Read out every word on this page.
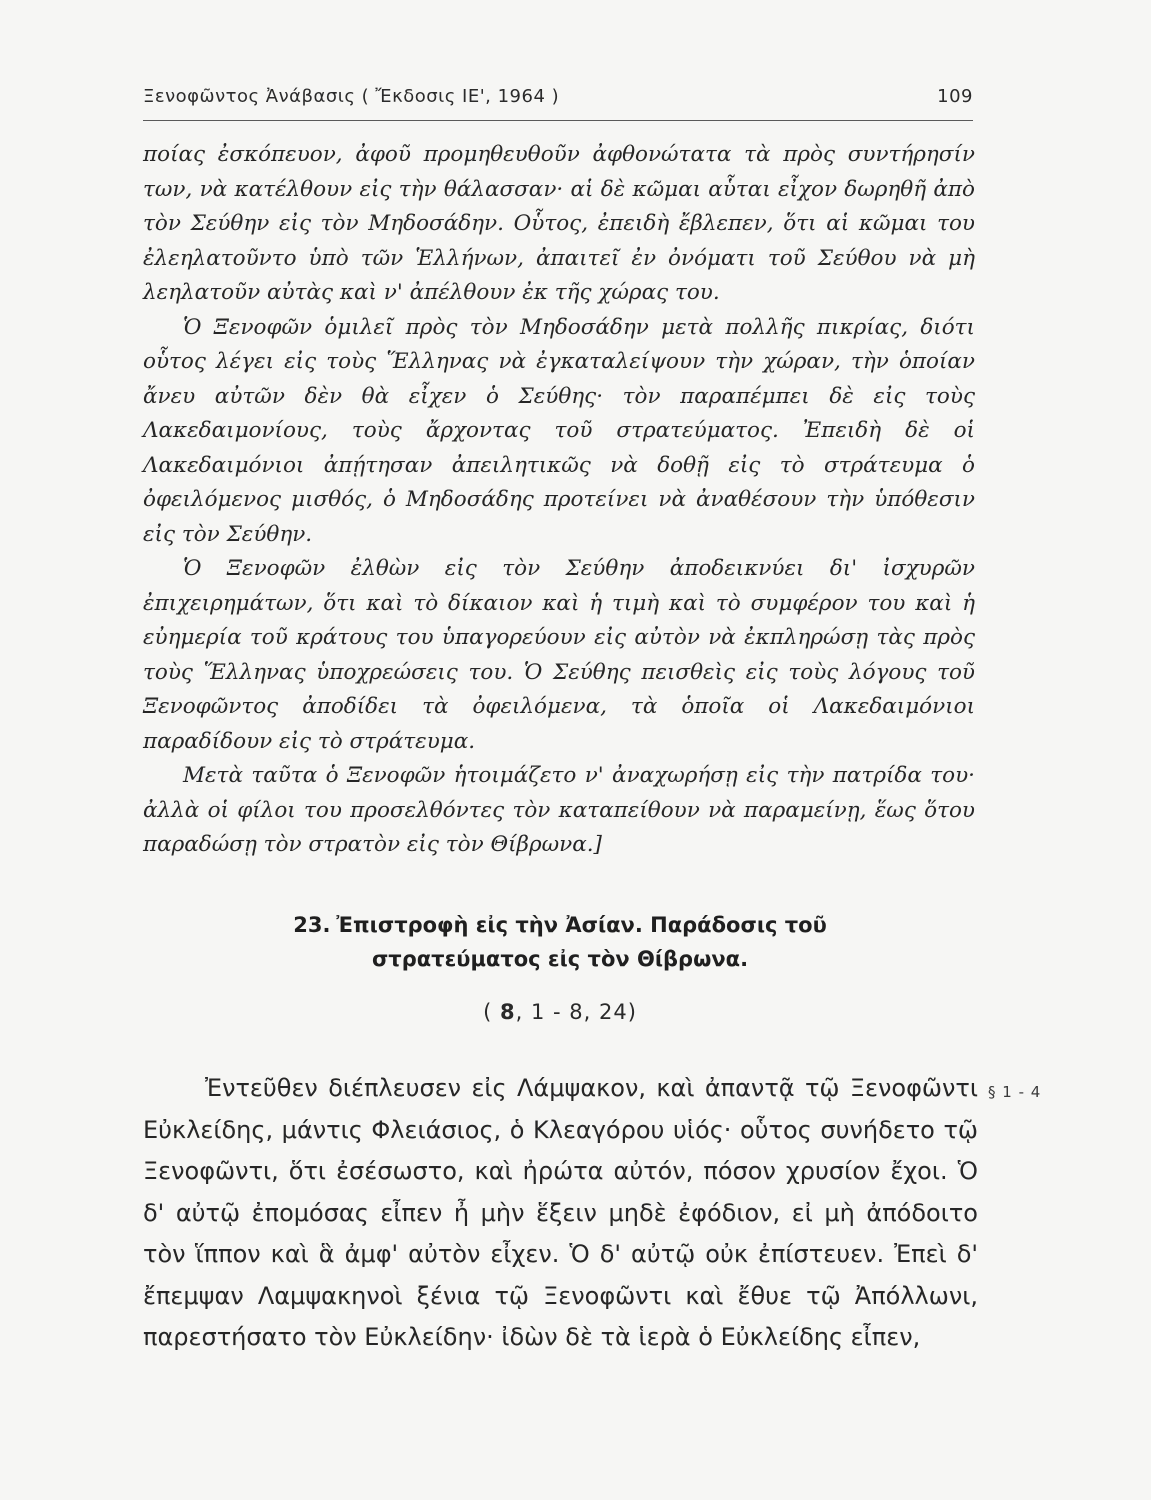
Ξενοφῶντος Ἀνάβασις ( Ἔκδοσις ΙΕ', 1964 )	109

ποίας ἐσκόπευον, ἀφοῦ προμηθευθοῦν ἀφθονώτατα τὰ πρὸς συντήρησίν των, νὰ κατέλθουν εἰς τὴν θάλασσαν· αἱ δὲ κῶμαι αὗται εἶχον δωρηθῆ ἀπὸ τὸν Σεύθην εἰς τὸν Μηδοσάδην. Οὗτος, ἐπειδὴ ἔβλεπεν, ὅτι αἱ κῶμαι του ἐλεηλατοῦντο ὑπὸ τῶν Ἑλλήνων, ἀπαιτεῖ ἐν ὀνόματι τοῦ Σεύθου νὰ μὴ λεηλατοῦν αὐτὰς καὶ ν' ἀπέλθουν ἐκ τῆς χώρας του.

Ὁ Ξενοφῶν ὁμιλεῖ πρὸς τὸν Μηδοσάδην μετὰ πολλῆς πικρίας, διότι οὗτος λέγει εἰς τοὺς Ἕλληνας νὰ ἐγκαταλείψουν τὴν χώραν, τὴν ὁποίαν ἄνευ αὐτῶν δὲν θὰ εἶχεν ὁ Σεύθης· τὸν παραπέμπει δὲ εἰς τοὺς Λακεδαιμονίους, τοὺς ἄρχοντας τοῦ στρατεύματος. Ἐπειδὴ δὲ οἱ Λακεδαιμόνιοι ἀπῄτησαν ἀπειλητικῶς νὰ δοθῇ εἰς τὸ στράτευμα ὁ ὀφειλόμενος μισθός, ὁ Μηδοσάδης προτείνει νὰ ἀναθέσουν τὴν ὑπόθεσιν εἰς τὸν Σεύθην.

Ὁ Ξενοφῶν ἐλθὼν εἰς τὸν Σεύθην ἀποδεικνύει δι' ἰσχυρῶν ἐπιχειρημάτων, ὅτι καὶ τὸ δίκαιον καὶ ἡ τιμὴ καὶ τὸ συμφέρον του καὶ ἡ εὐημερία τοῦ κράτους του ὑπαγορεύουν εἰς αὐτὸν νὰ ἐκπληρώσῃ τὰς πρὸς τοὺς Ἕλληνας ὑποχρεώσεις του. Ὁ Σεύθης πεισθεὶς εἰς τοὺς λόγους τοῦ Ξενοφῶντος ἀποδίδει τὰ ὀφειλόμενα, τὰ ὁποῖα οἱ Λακεδαιμόνιοι παραδίδουν εἰς τὸ στράτευμα.

Μετὰ ταῦτα ὁ Ξενοφῶν ἡτοιμάζετο ν' ἀναχωρήσῃ εἰς τὴν πατρίδα του· ἀλλὰ οἱ φίλοι του προσελθόντες τὸν καταπείθουν νὰ παραμείνῃ, ἕως ὅτου παραδώσῃ τὸν στρατὸν εἰς τὸν Θίβρωνα.]

23. Ἐπιστροφὴ εἰς τὴν Ἀσίαν. Παράδοσις τοῦ
στρατεύματος εἰς τὸν Θίβρωνα.
( 8, 1 - 8, 24)

Ἐντεῦθεν διέπλευσεν εἰς Λάμψακον, καὶ ἀπαντᾷ τῷ Ξενοφῶντι Εὐκλείδης, μάντις Φλειάσιος, ὁ Κλεαγόρου υἱός· οὗτος συνήδετο τῷ Ξενοφῶντι, ὅτι ἐσέσωστο, καὶ ἠρώτα αὐτόν, πόσον χρυσίον ἔχοι. Ὁ δ' αὐτῷ ἐπομόσας εἶπεν ἦ μὴν ἕξειν μηδὲ ἐφόδιον, εἰ μὴ ἀπόδοιτο τὸν ἵππον καὶ ἃ ἀμφ' αὐτὸν εἶχεν. Ὁ δ' αὐτῷ οὐκ ἐπίστευεν. Ἐπεὶ δ' ἔπεμψαν Λαμψακηνοὶ ξένια τῷ Ξενοφῶντι καὶ ἔθυε τῷ Ἀπόλλωνι, παρεστήσατο τὸν Εὐκλείδην· ἰδὼν δὲ τὰ ἱερὰ ὁ Εὐκλείδης εἶπεν,

§ 1 - 4
